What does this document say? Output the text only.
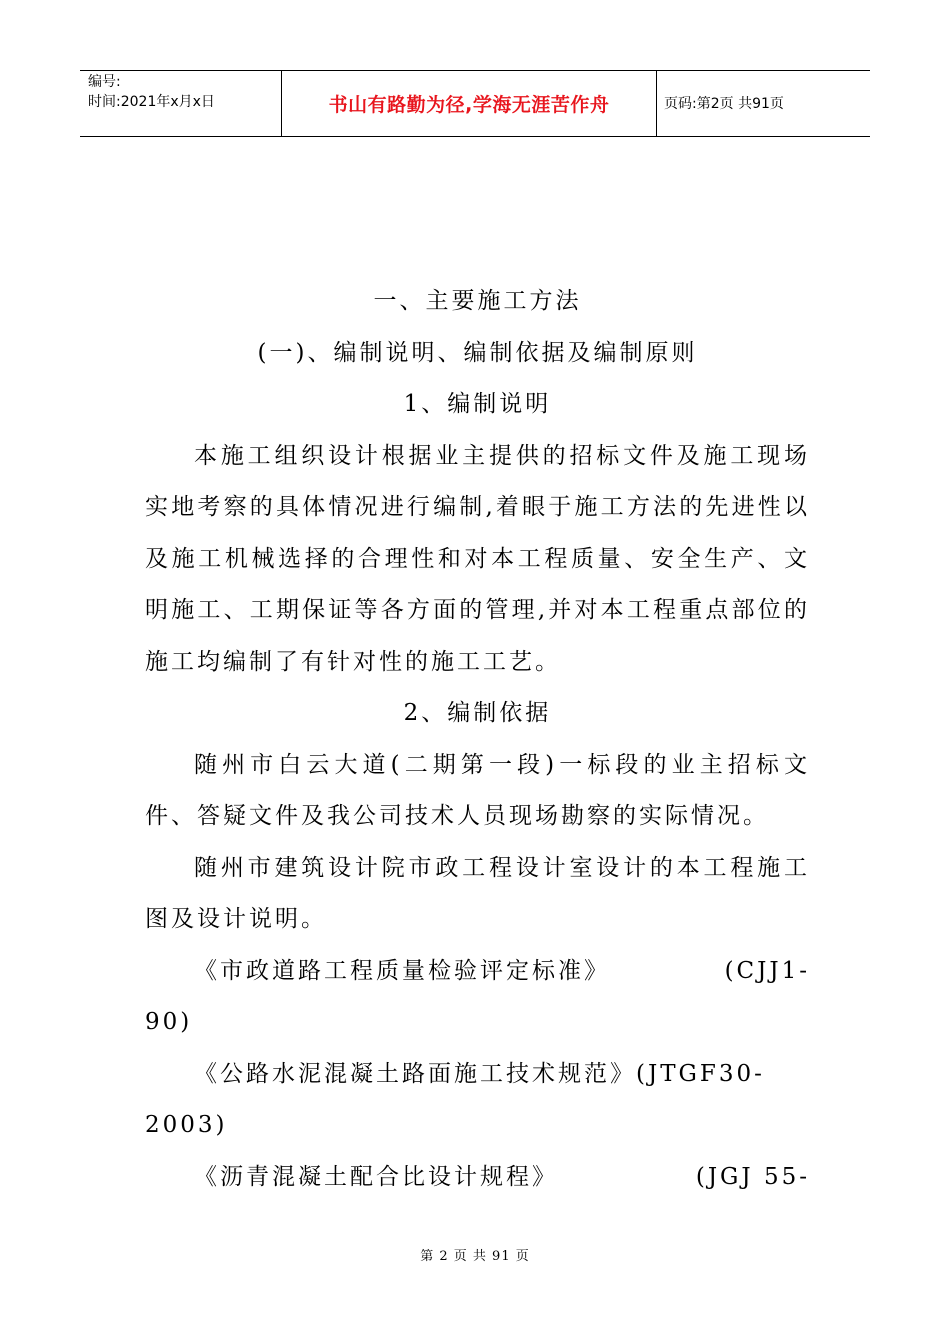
编号:
时间:2021年x月x日	书山有路勤为径,学海无涯苦作舟	页码:第2页 共91页

一、主要施工方法

(一)、编制说明、编制依据及编制原则

1、编制说明

本施工组织设计根据业主提供的招标文件及施工现场实地考察的具体情况进行编制,着眼于施工方法的先进性以及施工机械选择的合理性和对本工程质量、安全生产、文明施工、工期保证等各方面的管理,并对本工程重点部位的施工均编制了有针对性的施工工艺。

2、编制依据

随州市白云大道(二期第一段)一标段的业主招标文件、答疑文件及我公司技术人员现场勘察的实际情况。

随州市建筑设计院市政工程设计室设计的本工程施工图及设计说明。

《市政道路工程质量检验评定标准》	(CJJ1-
90)
《公路水泥混凝土路面施工技术规范》(JTGF30-
2003)
《沥青混凝土配合比设计规程》	(JGJ 55-
第 2 页 共 91 页
